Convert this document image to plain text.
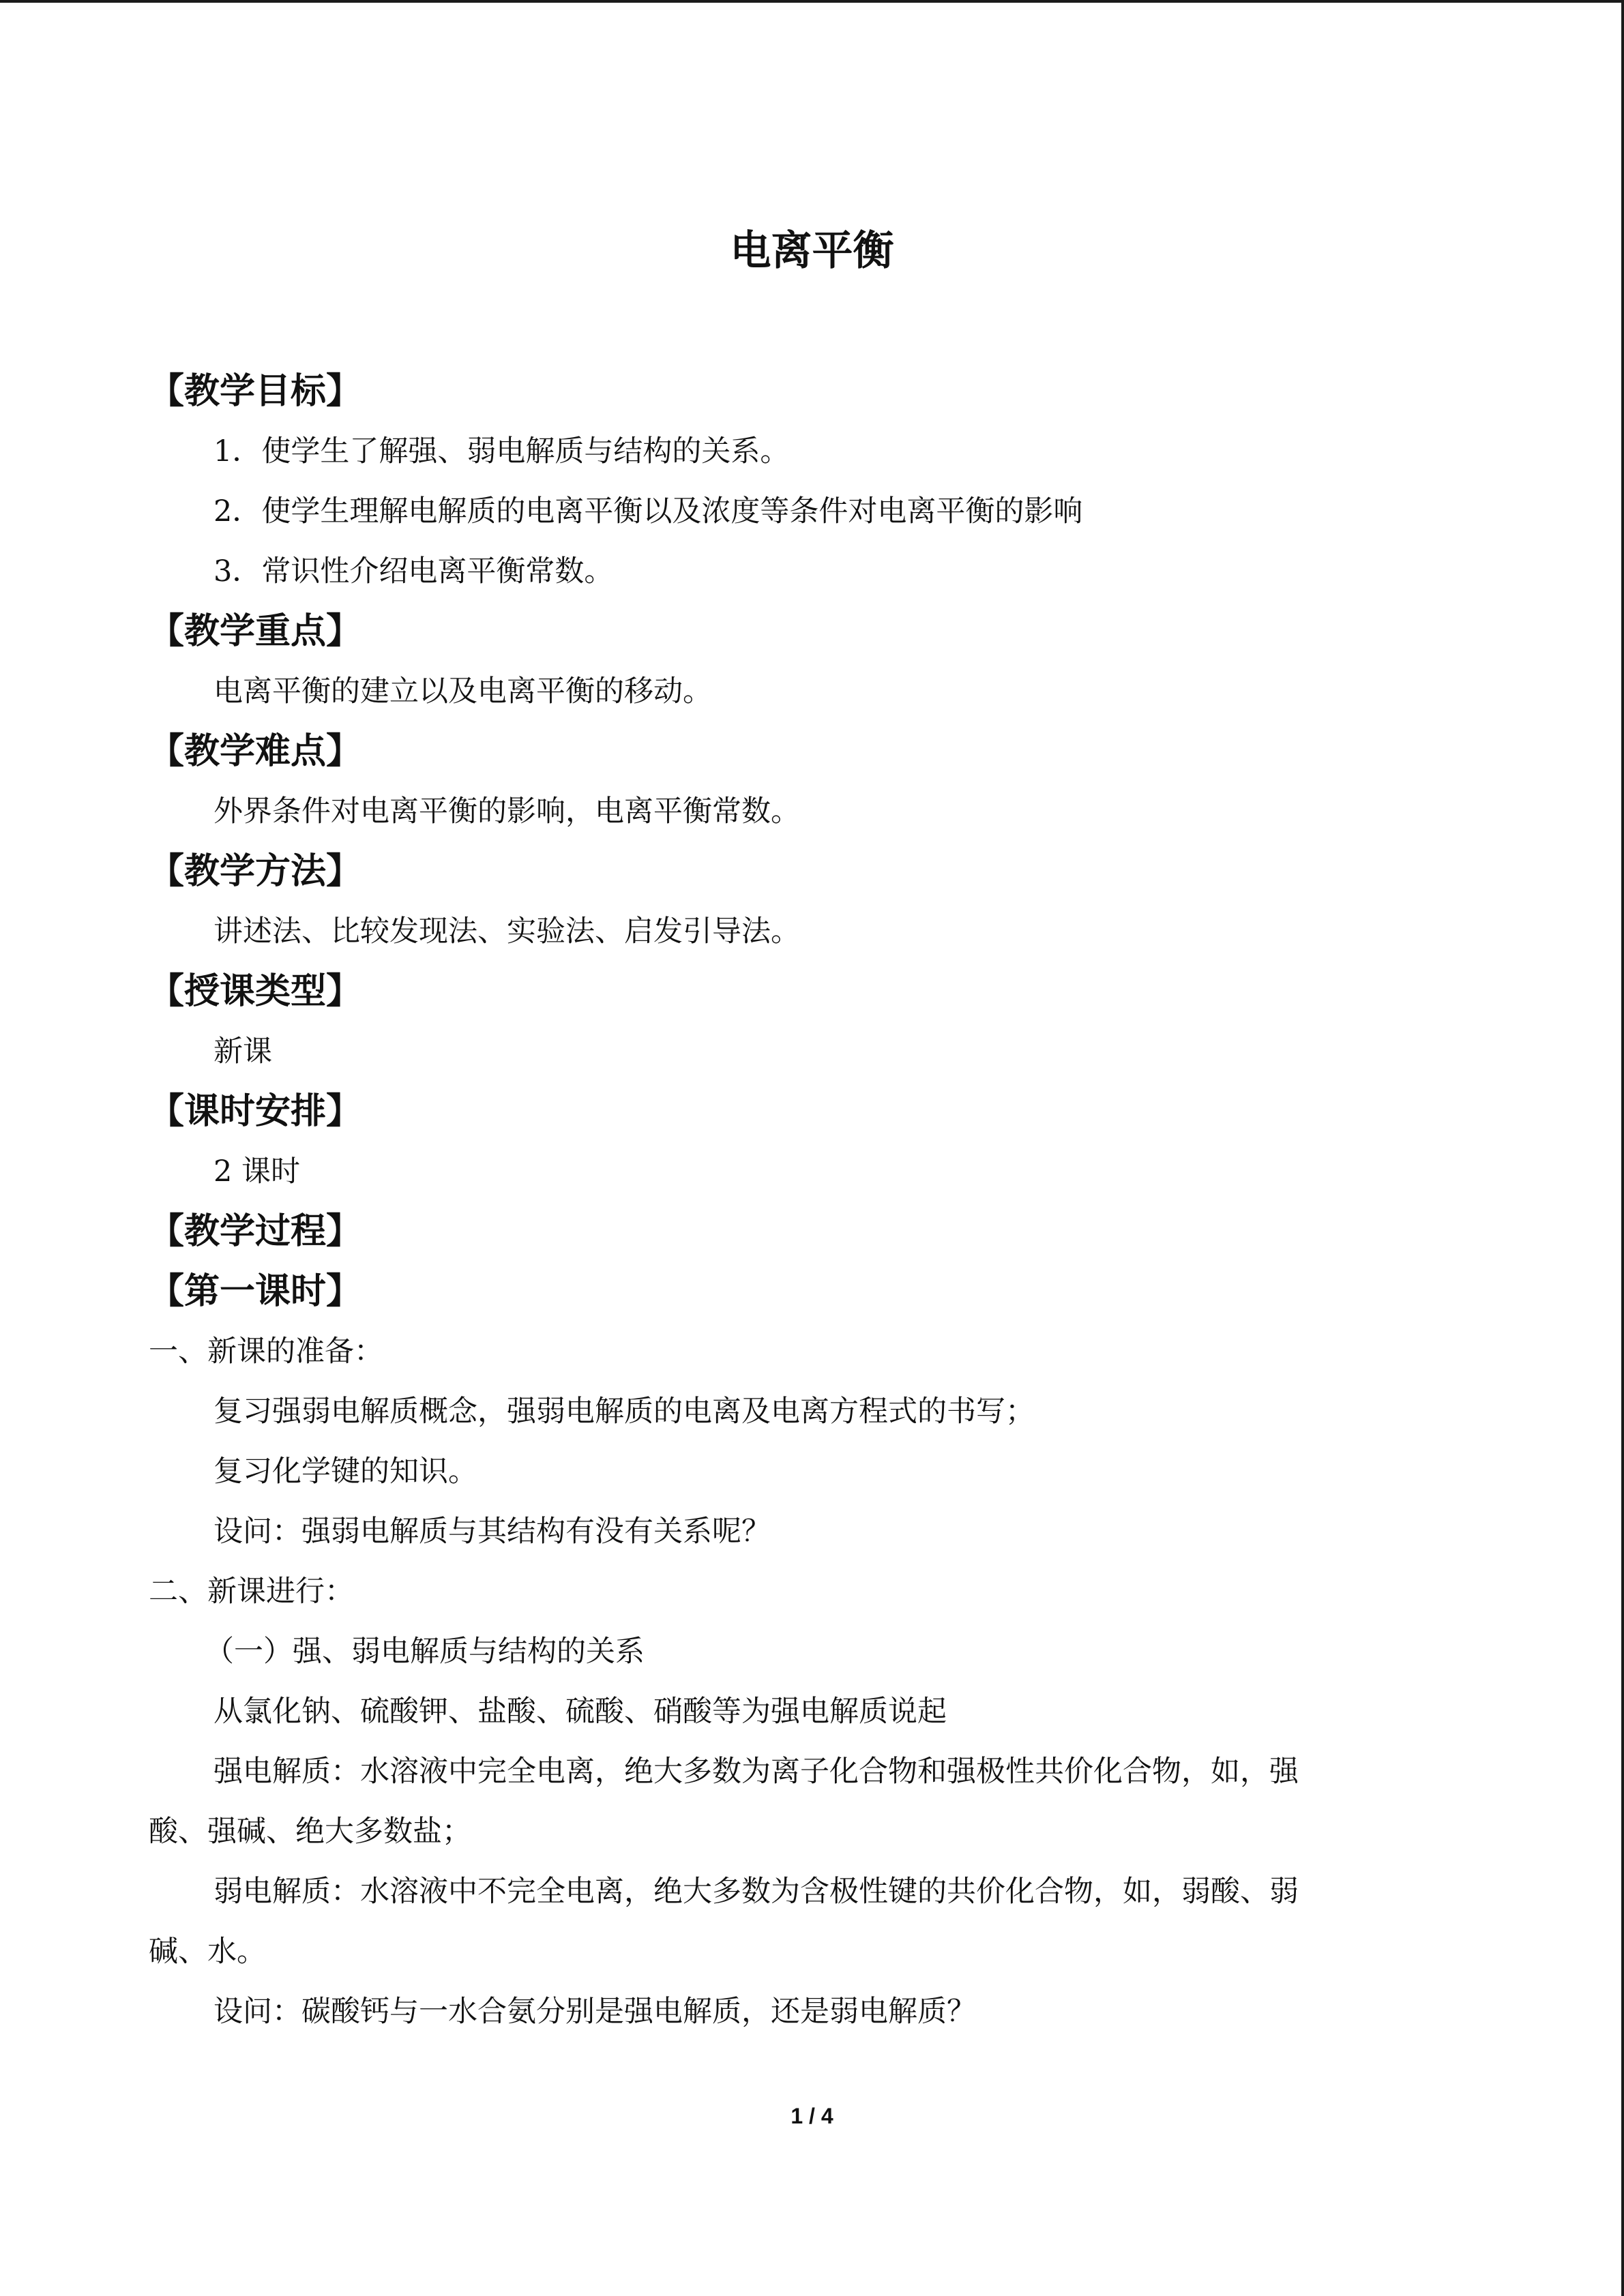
电离平衡
【教学目标】
1．使学生了解强、弱电解质与结构的关系。
2．使学生理解电解质的电离平衡以及浓度等条件对电离平衡的影响
3．常识性介绍电离平衡常数。
【教学重点】
电离平衡的建立以及电离平衡的移动。
【教学难点】
外界条件对电离平衡的影响，电离平衡常数。
【教学方法】
讲述法、比较发现法、实验法、启发引导法。
【授课类型】
新课
【课时安排】
2 课时
【教学过程】
【第一课时】
一、新课的准备：
复习强弱电解质概念，强弱电解质的电离及电离方程式的书写；
复习化学键的知识。
设问：强弱电解质与其结构有没有关系呢？
二、新课进行：
（一）强、弱电解质与结构的关系
从氯化钠、硫酸钾、盐酸、硫酸、硝酸等为强电解质说起
强电解质：水溶液中完全电离，绝大多数为离子化合物和强极性共价化合物，如，强
酸、强碱、绝大多数盐；
弱电解质：水溶液中不完全电离，绝大多数为含极性键的共价化合物，如，弱酸、弱
碱、水。
设问：碳酸钙与一水合氨分别是强电解质，还是弱电解质？
1 / 4
